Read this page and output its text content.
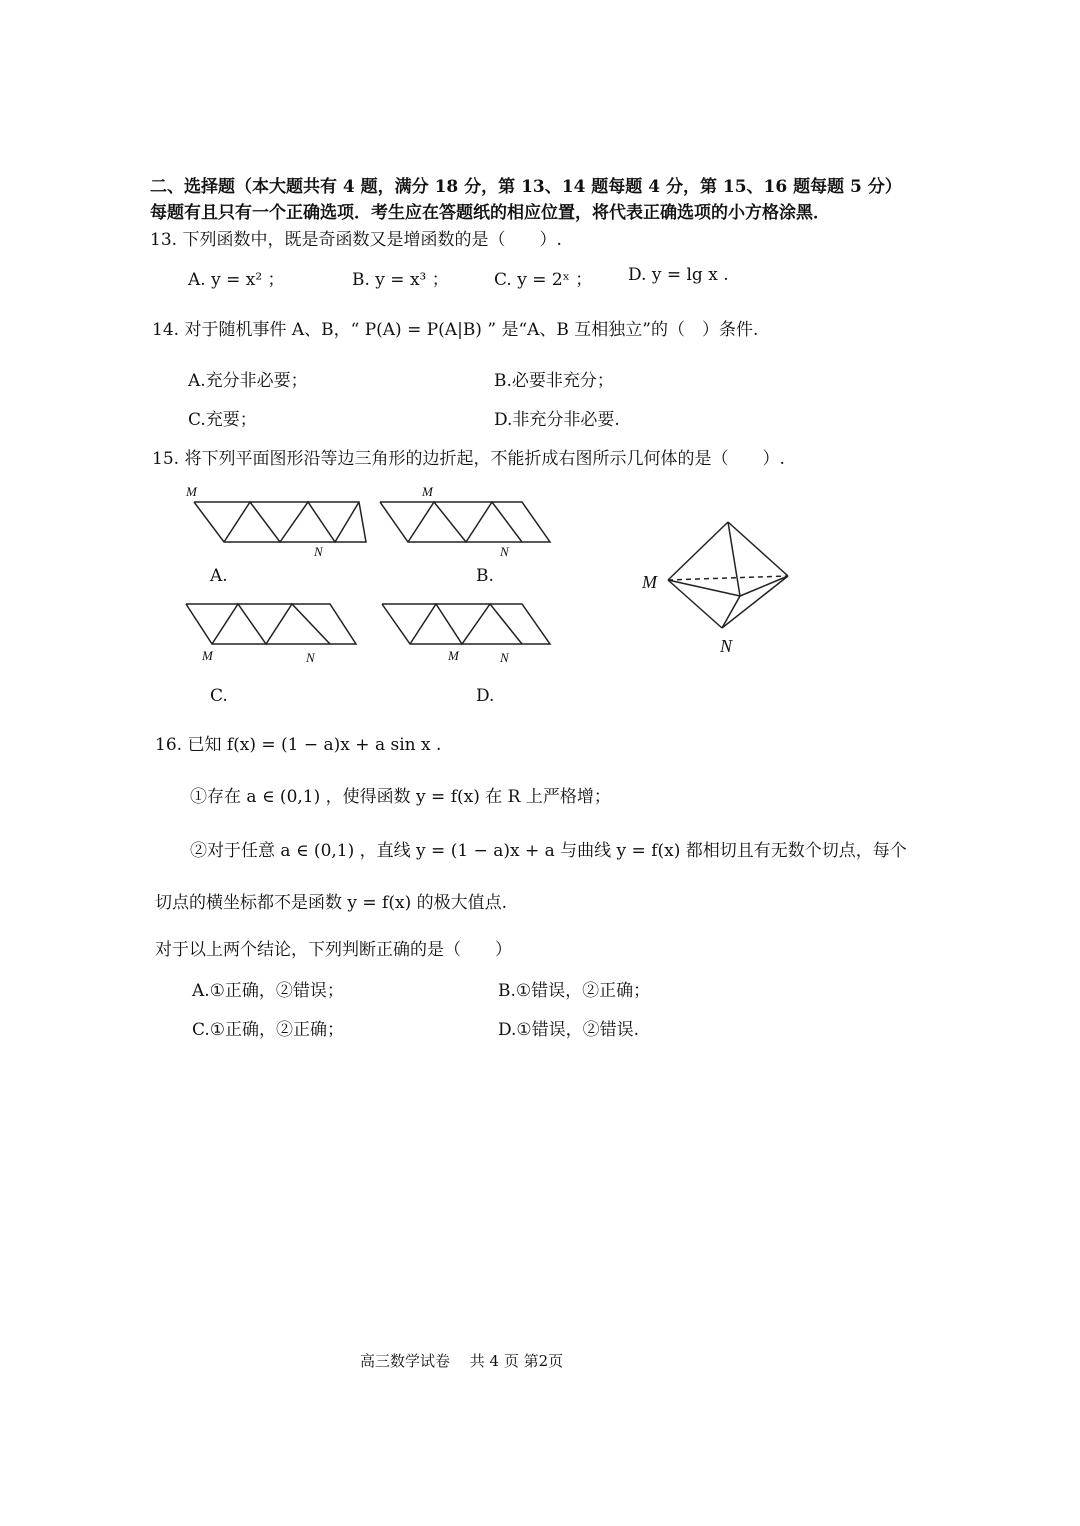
二、选择题（本大题共有 4 题，满分 18 分，第 13、14 题每题 4 分，第 15、16 题每题 5 分）
每题有且只有一个正确选项．考生应在答题纸的相应位置，将代表正确选项的小方格涂黑．
13. 下列函数中，既是奇函数又是增函数的是（　　）.
A. y = x² ；	B. y = x³ ；	C. y = 2ˣ ； D. y = lg x .
14. 对于随机事件 A、B，“ P(A) = P(A|B) ” 是“A、B 互相独立”的（　）条件.
A.充分非必要；	B.必要非充分；
C.充要；	D.非充分非必要.
15. 将下列平面图形沿等边三角形的边折起，不能折成右图所示几何体的是（　　）.
M
N
A.
M
N
B.
M	N
C.
M	N
D.
M
N
16. 已知 f(x) = (1 − a)x + a sin x .
①存在 a ∈ (0,1) ，使得函数 y = f(x) 在 R 上严格增；
②对于任意 a ∈ (0,1) ，直线 y = (1 − a)x + a 与曲线 y = f(x) 都相切且有无数个切点，每个
切点的横坐标都不是函数 y = f(x) 的极大值点.
对于以上两个结论，下列判断正确的是（　　）
A.①正确，②错误；	B.①错误，②正确；
C.①正确，②正确；	D.①错误，②错误.
高三数学试卷　 共 4 页 第2页
